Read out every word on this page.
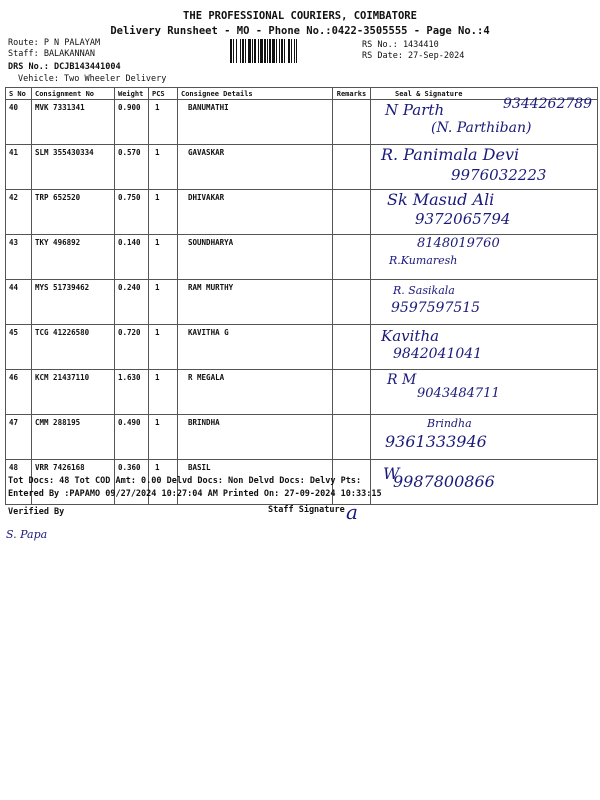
THE PROFESSIONAL COURIERS, COIMBATORE
Delivery Runsheet - MO - Phone No.:0422-3505555 - Page No.:4
Route: P N PALAYAM
Staff: BALAKANNAN
DRS No.: DCJB143441004
Vehicle: Two Wheeler Delivery
RS No.: 1434410
RS Date: 27-Sep-2024
S No	Consignment No	Weight	PCS	Consignee Details	Remarks	Seal & Signature
40	MVK 7331341	0.900	1	BANUMATHI		N Parth 9344262789
(N. Parthiban)

41	SLM 355430334	0.570	1	GAVASKAR		R. Panimala Devi
9976032223

42	TRP 652520	0.750	1	DHIVAKAR		Sk Masud Ali
9372065794

43	TKY 496892	0.140	1	SOUNDHARYA		8148019760
R.Kumaresh

44	MYS 51739462	0.240	1	RAM MURTHY		R. Sasikala
9597597515

45	TCG 41226580	0.720	1	KAVITHA G		Kavitha
9842041041

46	KCM 21437110	1.630	1	R MEGALA		R M
9043484711

47	CMM 288195	0.490	1	BRINDHA		Brindha
9361333946

48	VRR 7426168	0.360	1	BASIL		W
9987800866
Tot Docs: 48 Tot COD Amt: 0.00 Delvd Docs: Non Delvd Docs: Delvy Pts:
Entered By :PAPAMO 09/27/2024 10:27:04 AM Printed On: 27-09-2024 10:33:15
Verified By	Staff Signature a
S. Papa
